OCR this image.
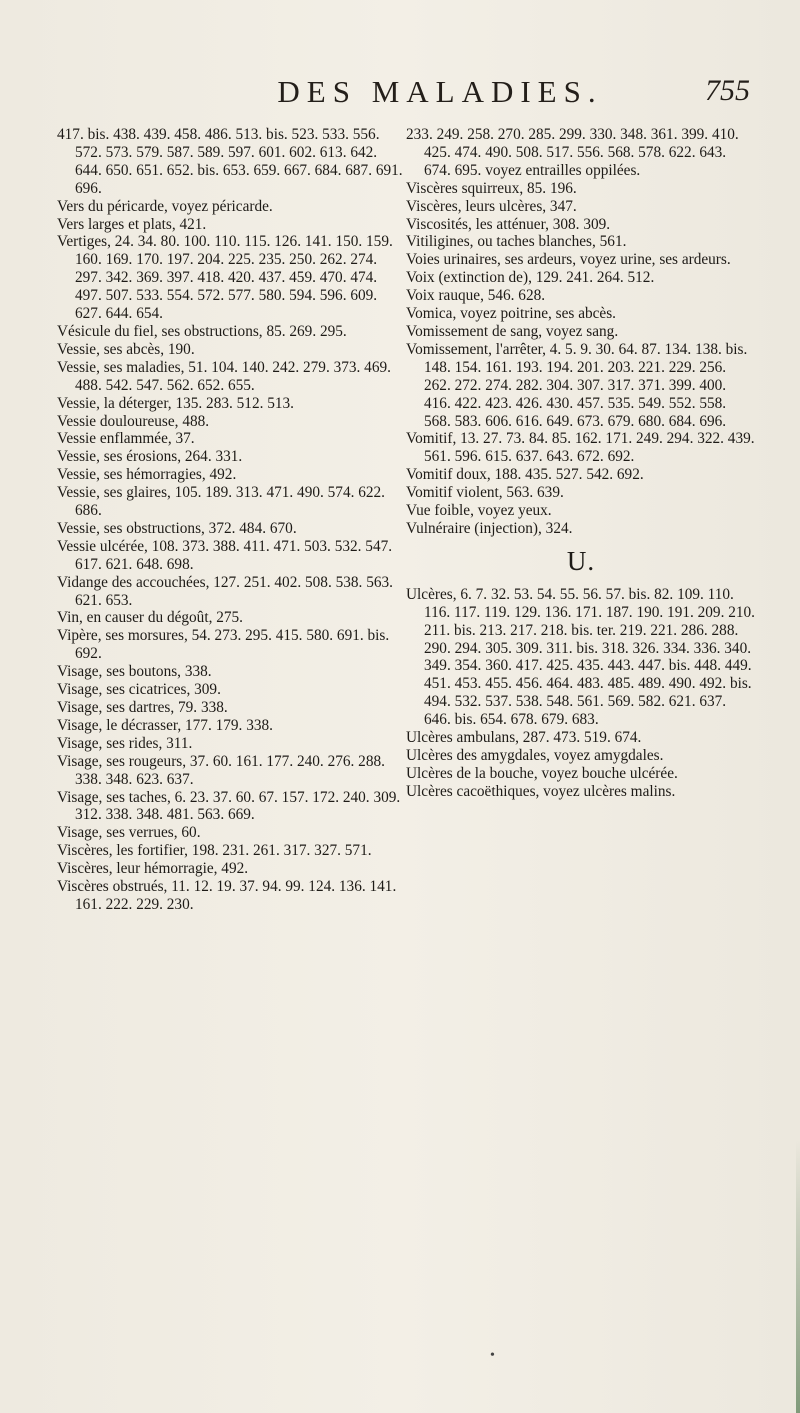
DES MALADIES.	755

417. bis. 438. 439. 458. 486. 513. bis. 523. 533. 556. 572. 573. 579. 587. 589. 597. 601. 602. 613. 642. 644. 650. 651. 652. bis. 653. 659. 667. 684. 687. 691. 696.

Vers du péricarde, voyez péricarde.

Vers larges et plats, 421.

Vertiges, 24. 34. 80. 100. 110. 115. 126. 141. 150. 159. 160. 169. 170. 197. 204. 225. 235. 250. 262. 274. 297. 342. 369. 397. 418. 420. 437. 459. 470. 474. 497. 507. 533. 554. 572. 577. 580. 594. 596. 609. 627. 644. 654.

Vésicule du fiel, ses obstructions, 85. 269. 295.

Vessie, ses abcès, 190.

Vessie, ses maladies, 51. 104. 140. 242. 279. 373. 469. 488. 542. 547. 562. 652. 655.

Vessie, la déterger, 135. 283. 512. 513.

Vessie douloureuse, 488.

Vessie enflammée, 37.

Vessie, ses érosions, 264. 331.

Vessie, ses hémorragies, 492.

Vessie, ses glaires, 105. 189. 313. 471. 490. 574. 622. 686.

Vessie, ses obstructions, 372. 484. 670.

Vessie ulcérée, 108. 373. 388. 411. 471. 503. 532. 547. 617. 621. 648. 698.

Vidange des accouchées, 127. 251. 402. 508. 538. 563. 621. 653.

Vin, en causer du dégoût, 275.

Vipère, ses morsures, 54. 273. 295. 415. 580. 691. bis. 692.

Visage, ses boutons, 338.

Visage, ses cicatrices, 309.

Visage, ses dartres, 79. 338.

Visage, le décrasser, 177. 179. 338.

Visage, ses rides, 311.

Visage, ses rougeurs, 37. 60. 161. 177. 240. 276. 288. 338. 348. 623. 637.

Visage, ses taches, 6. 23. 37. 60. 67. 157. 172. 240. 309. 312. 338. 348. 481. 563. 669.

Visage, ses verrues, 60.

Viscères, les fortifier, 198. 231. 261. 317. 327. 571.

Viscères, leur hémorragie, 492.

Viscères obstrués, 11. 12. 19. 37. 94. 99. 124. 136. 141. 161. 222. 229. 230.

233. 249. 258. 270. 285. 299. 330. 348. 361. 399. 410. 425. 474. 490. 508. 517. 556. 568. 578. 622. 643. 674. 695. voyez entrailles oppilées.

Viscères squirreux, 85. 196.

Viscères, leurs ulcères, 347.

Viscosités, les atténuer, 308. 309.

Vitiligines, ou taches blanches, 561.

Voies urinaires, ses ardeurs, voyez urine, ses ardeurs.

Voix (extinction de), 129. 241. 264. 512.

Voix rauque, 546. 628.

Vomica, voyez poitrine, ses abcès.

Vomissement de sang, voyez sang.

Vomissement, l'arrêter, 4. 5. 9. 30. 64. 87. 134. 138. bis. 148. 154. 161. 193. 194. 201. 203. 221. 229. 256. 262. 272. 274. 282. 304. 307. 317. 371. 399. 400. 416. 422. 423. 426. 430. 457. 535. 549. 552. 558. 568. 583. 606. 616. 649. 673. 679. 680. 684. 696.

Vomitif, 13. 27. 73. 84. 85. 162. 171. 249. 294. 322. 439. 561. 596. 615. 637. 643. 672. 692.

Vomitif doux, 188. 435. 527. 542. 692.

Vomitif violent, 563. 639.

Vue foible, voyez yeux.

Vulnéraire (injection), 324.

U.

Ulcères, 6. 7. 32. 53. 54. 55. 56. 57. bis. 82. 109. 110. 116. 117. 119. 129. 136. 171. 187. 190. 191. 209. 210. 211. bis. 213. 217. 218. bis. ter. 219. 221. 286. 288. 290. 294. 305. 309. 311. bis. 318. 326. 334. 336. 340. 349. 354. 360. 417. 425. 435. 443. 447. bis. 448. 449. 451. 453. 455. 456. 464. 483. 485. 489. 490. 492. bis. 494. 532. 537. 538. 548. 561. 569. 582. 621. 637. 646. bis. 654. 678. 679. 683.

Ulcères ambulans, 287. 473. 519. 674.

Ulcères des amygdales, voyez amygdales.

Ulcères de la bouche, voyez bouche ulcérée.

Ulcères cacoëthiques, voyez ulcères malins.

•
